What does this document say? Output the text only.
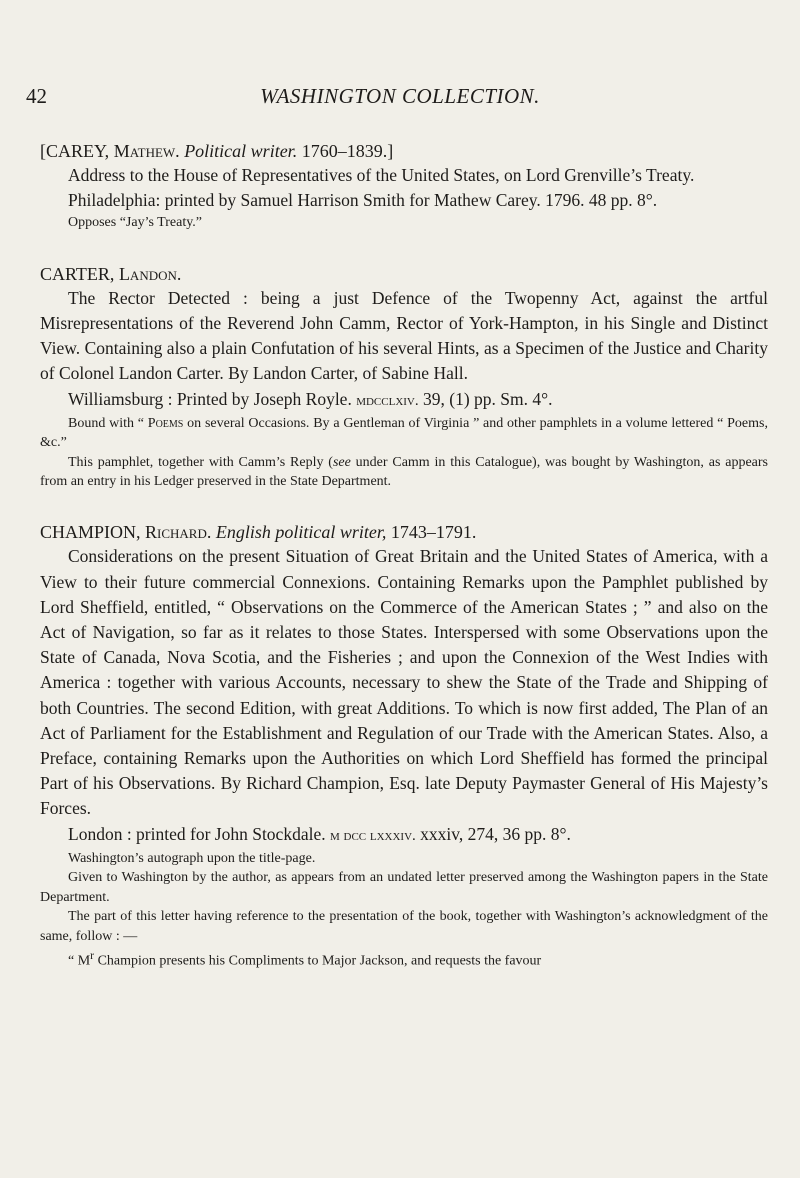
42	WASHINGTON COLLECTION.
[CAREY, Mathew. Political writer. 1760–1839.]
Address to the House of Representatives of the United States, on Lord Grenville’s Treaty.
Philadelphia: printed by Samuel Harrison Smith for Mathew Carey. 1796. 48 pp. 8°.
Opposes “Jay’s Treaty.”
CARTER, Landon.
The Rector Detected : being a just Defence of the Twopenny Act, against the artful Misrepresentations of the Reverend John Camm, Rector of York-Hampton, in his Single and Distinct View. Containing also a plain Confutation of his several Hints, as a Specimen of the Justice and Charity of Colonel Landon Carter. By Landon Carter, of Sabine Hall.
Williamsburg : Printed by Joseph Royle. mdcclxiv. 39, (1) pp. Sm. 4°.
Bound with “ Poems on several Occasions. By a Gentleman of Virginia ” and other pamphlets in a volume lettered “ Poems, &c.”
This pamphlet, together with Camm’s Reply (see under Camm in this Catalogue), was bought by Washington, as appears from an entry in his Ledger preserved in the State Department.
CHAMPION, Richard. English political writer, 1743–1791.
Considerations on the present Situation of Great Britain and the United States of America, with a View to their future commercial Connexions. Containing Remarks upon the Pamphlet published by Lord Sheffield, entitled, “ Observations on the Commerce of the American States ; ” and also on the Act of Navigation, so far as it relates to those States. Interspersed with some Observations upon the State of Canada, Nova Scotia, and the Fisheries ; and upon the Connexion of the West Indies with America : together with various Accounts, necessary to shew the State of the Trade and Shipping of both Countries. The second Edition, with great Additions. To which is now first added, The Plan of an Act of Parliament for the Establishment and Regulation of our Trade with the American States. Also, a Preface, containing Remarks upon the Authorities on which Lord Sheffield has formed the principal Part of his Observations. By Richard Champion, Esq. late Deputy Paymaster General of His Majesty’s Forces.
London : printed for John Stockdale. m dcc lxxxiv. xxxiv, 274, 36 pp. 8°.
Washington’s autograph upon the title-page.
Given to Washington by the author, as appears from an undated letter preserved among the Washington papers in the State Department.
The part of this letter having reference to the presentation of the book, together with Washington’s acknowledgment of the same, follow : —
“ $M^r$ Champion presents his Compliments to Major Jackson, and requests the favour
